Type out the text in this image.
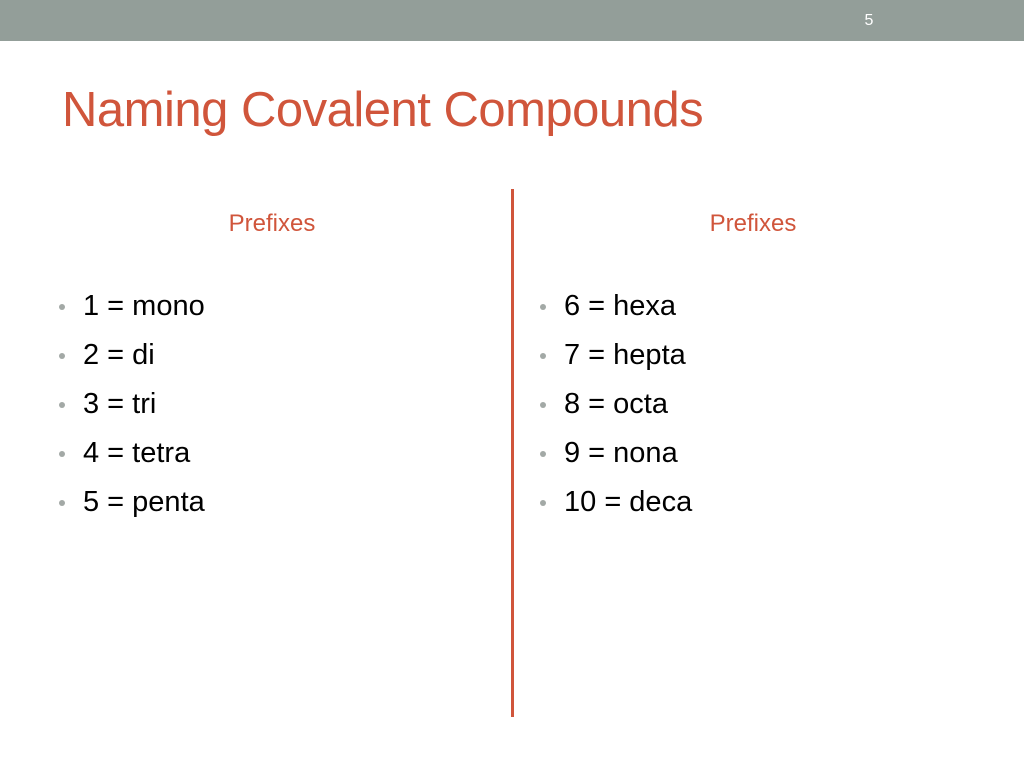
5
Naming Covalent Compounds
Prefixes
1 = mono
2 = di
3 = tri
4 = tetra
5 = penta
Prefixes
6 = hexa
7 = hepta
8 = octa
9 = nona
10 = deca
